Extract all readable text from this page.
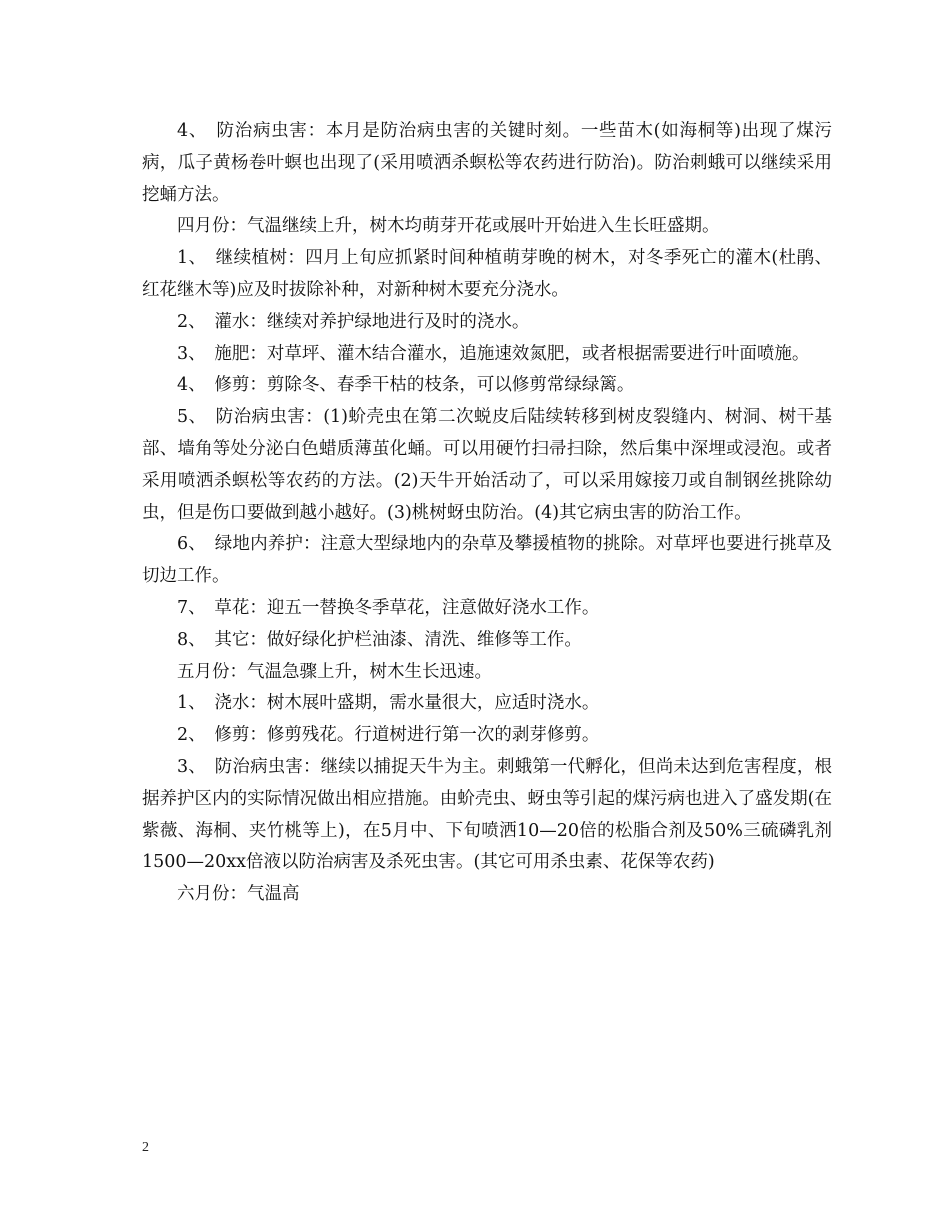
4、　防治病虫害：本月是防治病虫害的关键时刻。一些苗木(如海桐等)出现了煤污病，瓜子黄杨卷叶螟也出现了(采用喷洒杀螟松等农药进行防治)。防治刺蛾可以继续采用挖蛹方法。

四月份：气温继续上升，树木均萌芽开花或展叶开始进入生长旺盛期。

1、　继续植树：四月上旬应抓紧时间种植萌芽晚的树木，对冬季死亡的灌木(杜鹃、红花继木等)应及时拔除补种，对新种树木要充分浇水。

2、　灌水：继续对养护绿地进行及时的浇水。

3、　施肥：对草坪、灌木结合灌水，追施速效氮肥，或者根据需要进行叶面喷施。

4、　修剪：剪除冬、春季干枯的枝条，可以修剪常绿绿篱。

5、　防治病虫害：(1)蚧壳虫在第二次蜕皮后陆续转移到树皮裂缝内、树洞、树干基部、墙角等处分泌白色蜡质薄茧化蛹。可以用硬竹扫帚扫除，然后集中深埋或浸泡。或者采用喷洒杀螟松等农药的方法。(2)天牛开始活动了，可以采用嫁接刀或自制钢丝挑除幼虫，但是伤口要做到越小越好。(3)桃树蚜虫防治。(4)其它病虫害的防治工作。

6、　绿地内养护：注意大型绿地内的杂草及攀援植物的挑除。对草坪也要进行挑草及切边工作。

7、　草花：迎五一替换冬季草花，注意做好浇水工作。

8、　其它：做好绿化护栏油漆、清洗、维修等工作。

五月份：气温急骤上升，树木生长迅速。

1、　浇水：树木展叶盛期，需水量很大，应适时浇水。

2、　修剪：修剪残花。行道树进行第一次的剥芽修剪。

3、　防治病虫害：继续以捕捉天牛为主。刺蛾第一代孵化，但尚未达到危害程度，根据养护区内的实际情况做出相应措施。由蚧壳虫、蚜虫等引起的煤污病也进入了盛发期(在紫薇、海桐、夹竹桃等上)，在5月中、下旬喷洒10—20倍的松脂合剂及50%三硫磷乳剂1500—20xx倍液以防治病害及杀死虫害。(其它可用杀虫素、花保等农药)

六月份：气温高

2
